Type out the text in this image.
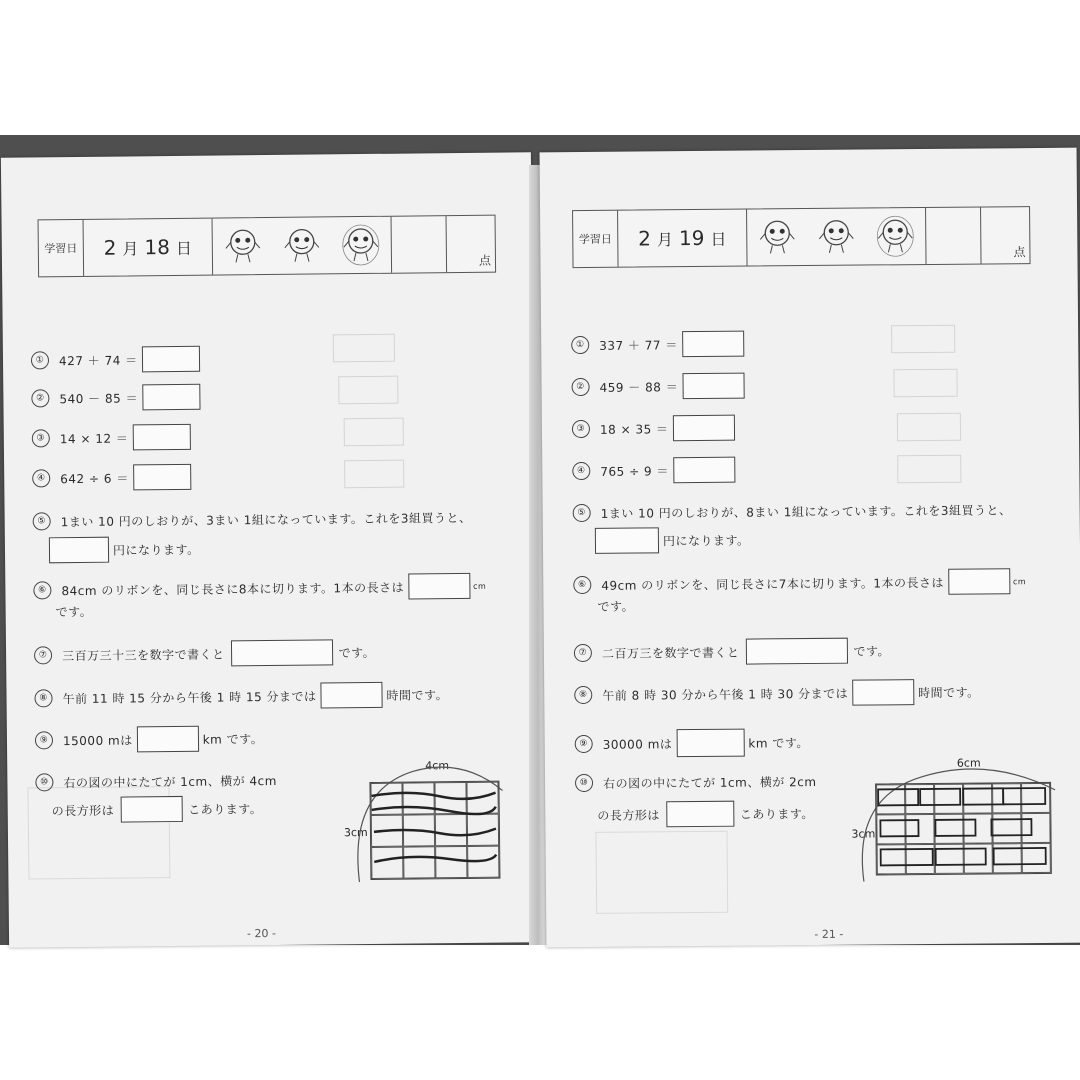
学習日	2 月 18 日
点
①	427 ＋ 74 ＝
②	540 － 85 ＝
③	14 × 12 ＝
④	642 ÷ 6 ＝
⑤	1まい 10 円のしおりが、3まい 1組になっています。これを3組買うと、
円になります。
⑥	84cm のリボンを、同じ長さに8本に切ります。1本の長さは	cm
です。
⑦	三百万三十三を数字で書くと	です。
⑧	午前 11 時 15 分から午後 1 時 15 分までは	時間です。
⑨	15000 mは	km です。
⑩	右の図の中にたてが 1cm、横が 4cm
の長方形は	こあります。
4cm
3cm
- 20 -
学習日	2 月 19 日
点
①	337 ＋ 77 ＝
②	459 － 88 ＝
③	18 × 35 ＝
④	765 ÷ 9 ＝
⑤	1まい 10 円のしおりが、8まい 1組になっています。これを3組買うと、
円になります。
⑥	49cm のリボンを、同じ長さに7本に切ります。1本の長さは	cm
です。
⑦	二百万三を数字で書くと	です。
⑧	午前 8 時 30 分から午後 1 時 30 分までは	時間です。
⑨	30000 mは	km です。
⑩	右の図の中にたてが 1cm、横が 2cm
の長方形は	こあります。
6cm
3cm
- 21 -
